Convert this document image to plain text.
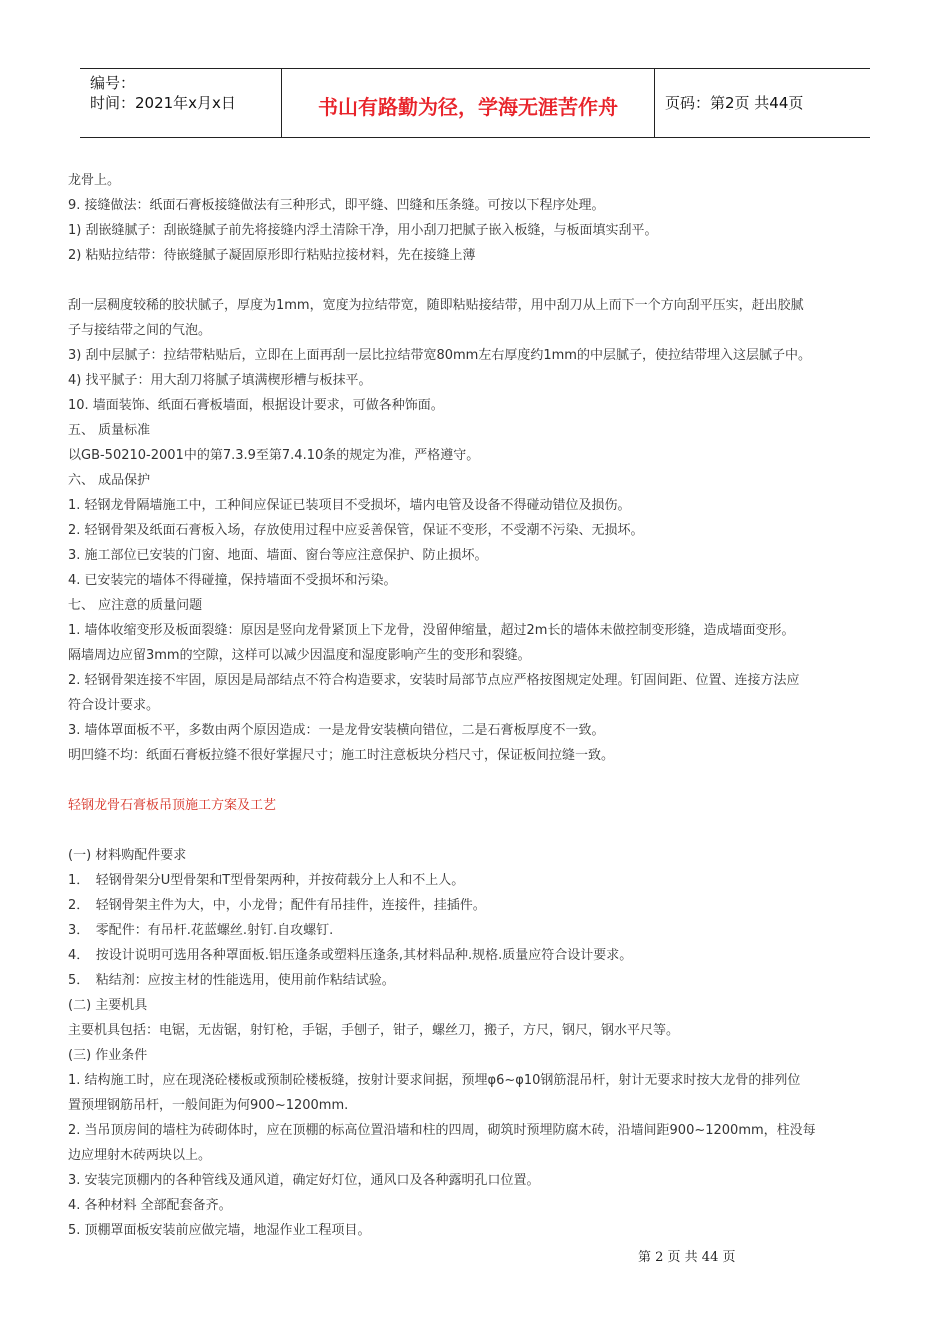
编号：
时间：2021年x月x日	书山有路勤为径，学海无涯苦作舟	页码：第2页 共44页
龙骨上。
9. 接缝做法：纸面石膏板接缝做法有三种形式，即平缝、凹缝和压条缝。可按以下程序处理。
1) 刮嵌缝腻子：刮嵌缝腻子前先将接缝内浮土清除干净，用小刮刀把腻子嵌入板缝，与板面填实刮平。
2) 粘贴拉结带：待嵌缝腻子凝固原形即行粘贴拉接材料，先在接缝上薄
刮一层稠度较稀的胶状腻子，厚度为1mm，宽度为拉结带宽，随即粘贴接结带，用中刮刀从上而下一个方向刮平压实，赶出胶腻
子与接结带之间的气泡。
3) 刮中层腻子：拉结带粘贴后，立即在上面再刮一层比拉结带宽80mm左右厚度约1mm的中层腻子，使拉结带埋入这层腻子中。
4) 找平腻子：用大刮刀将腻子填满楔形槽与板抹平。
10. 墙面装饰、纸面石膏板墙面，根据设计要求，可做各种饰面。
五、 质量标准
以GB-50210-2001中的第7.3.9至第7.4.10条的规定为准，严格遵守。
六、 成品保护
1. 轻钢龙骨隔墙施工中，工种间应保证已装项目不受损坏，墙内电管及设备不得碰动错位及损伤。
2. 轻钢骨架及纸面石膏板入场，存放使用过程中应妥善保管，保证不变形，不受潮不污染、无损坏。
3. 施工部位已安装的门窗、地面、墙面、窗台等应注意保护、防止损坏。
4. 已安装完的墙体不得碰撞，保持墙面不受损坏和污染。
七、 应注意的质量问题
1. 墙体收缩变形及板面裂缝：原因是竖向龙骨紧顶上下龙骨，没留伸缩量，超过2m长的墙体未做控制变形缝，造成墙面变形。
隔墙周边应留3mm的空隙，这样可以减少因温度和湿度影响产生的变形和裂缝。
2. 轻钢骨架连接不牢固，原因是局部结点不符合构造要求，安装时局部节点应严格按图规定处理。钉固间距、位置、连接方法应
符合设计要求。
3. 墙体罩面板不平，多数由两个原因造成：一是龙骨安装横向错位，二是石膏板厚度不一致。
明凹缝不均：纸面石膏板拉缝不很好掌握尺寸；施工时注意板块分档尺寸，保证板间拉缝一致。
轻钢龙骨石膏板吊顶施工方案及工艺
(一) 材料购配件要求
1．　轻钢骨架分U型骨架和T型骨架两种，并按荷载分上人和不上人。
2．　轻钢骨架主件为大，中，小龙骨；配件有吊挂件，连接件，挂插件。
3．　零配件：有吊杆.花蓝螺丝.射钉.自攻螺钉.
4．　按设计说明可选用各种罩面板.铝压逢条或塑料压逢条,其材料品种.规格.质量应符合设计要求。
5．　粘结剂：应按主材的性能选用，使用前作粘结试验。
(二) 主要机具
主要机具包括：电锯，无齿锯，射钉枪，手锯，手刨子，钳子，螺丝刀，搬子，方尺，钢尺，钢水平尺等。
(三) 作业条件
1. 结构施工时，应在现浇砼楼板或预制砼楼板缝，按射计要求间据，预埋φ6~φ10钢筋混吊杆，射计无要求时按大龙骨的排列位
置预埋钢筋吊杆，一般间距为何900~1200mm.
2. 当吊顶房间的墙柱为砖砌体时，应在顶棚的标高位置沿墙和柱的四周，砌筑时预埋防腐木砖，沿墙间距900~1200mm，柱没每
边应埋射木砖两块以上。
3. 安装完顶棚内的各种管线及通风道，确定好灯位，通风口及各种露明孔口位置。
4. 各种材料 全部配套备齐。
5. 顶棚罩面板安装前应做完墙，地湿作业工程项目。
第 2 页 共 44 页
